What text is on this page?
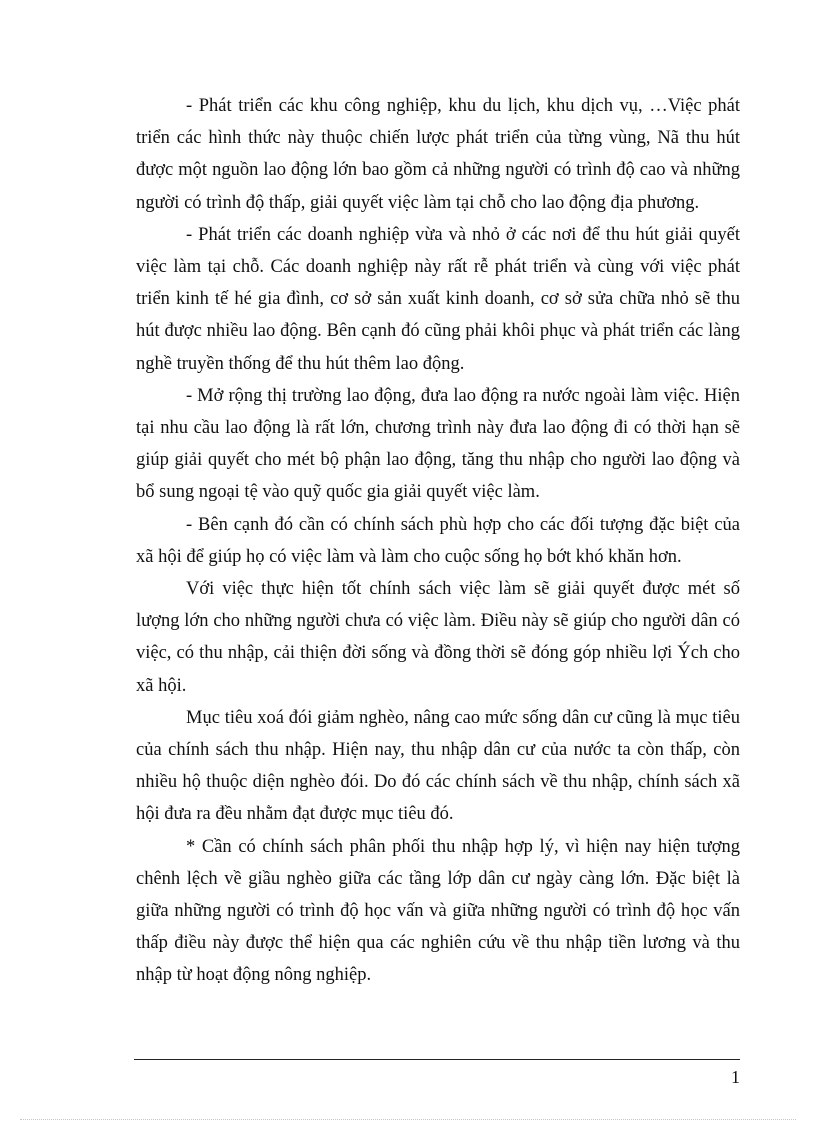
- Phát triển các khu công nghiệp, khu du lịch, khu dịch vụ, …Việc phát triển các hình thức này thuộc chiến lược phát triển của từng vùng, Nã thu hút được một nguồn lao động lớn bao gồm cả những người có trình độ cao và những người có trình độ thấp, giải quyết việc làm tại chỗ cho lao động địa phương.

- Phát triển các doanh nghiệp vừa và nhỏ ở các nơi để thu hút giải quyết việc làm tại chỗ. Các doanh nghiệp này rất rễ phát triển và cùng với việc phát triển kinh tế hé gia đình, cơ sở sản xuất kinh doanh, cơ sở sửa chữa nhỏ sẽ thu hút được nhiều lao động. Bên cạnh đó cũng phải khôi phục và phát triển các làng nghề truyền thống để thu hút thêm lao động.

- Mở rộng thị trường lao động, đưa lao động ra nước ngoài làm việc. Hiện tại nhu cầu lao động là rất lớn, chương trình này đưa lao động đi có thời hạn sẽ giúp giải quyết cho mét bộ phận lao động, tăng thu nhập cho người lao động và bổ sung ngoại tệ vào quỹ quốc gia giải quyết việc làm.

- Bên cạnh đó cần có chính sách phù hợp cho các đối tượng đặc biệt của xã hội để giúp họ có việc làm và làm cho cuộc sống họ bớt khó khăn hơn.

Với việc thực hiện tốt chính sách việc làm sẽ giải quyết được mét số lượng lớn cho những người chưa có việc làm. Điều này sẽ giúp cho người dân có việc, có thu nhập, cải thiện đời sống và đồng thời sẽ đóng góp nhiều lợi Ých cho xã hội.

Mục tiêu xoá đói giảm nghèo, nâng cao mức sống dân cư cũng là mục tiêu của chính sách thu nhập. Hiện nay, thu nhập dân cư của nước ta còn thấp, còn nhiều hộ thuộc diện nghèo đói. Do đó các chính sách về thu nhập, chính sách xã hội đưa ra đều nhằm đạt được mục tiêu đó.

* Cần có chính sách phân phối thu nhập hợp lý, vì hiện nay hiện tượng chênh lệch về giầu nghèo giữa các tầng lớp dân cư ngày càng lớn. Đặc biệt là giữa những người có trình độ học vấn và giữa những người có trình độ học vấn thấp điều này được thể hiện qua các nghiên cứu về thu nhập tiền lương và thu nhập từ hoạt động nông nghiệp.

1
